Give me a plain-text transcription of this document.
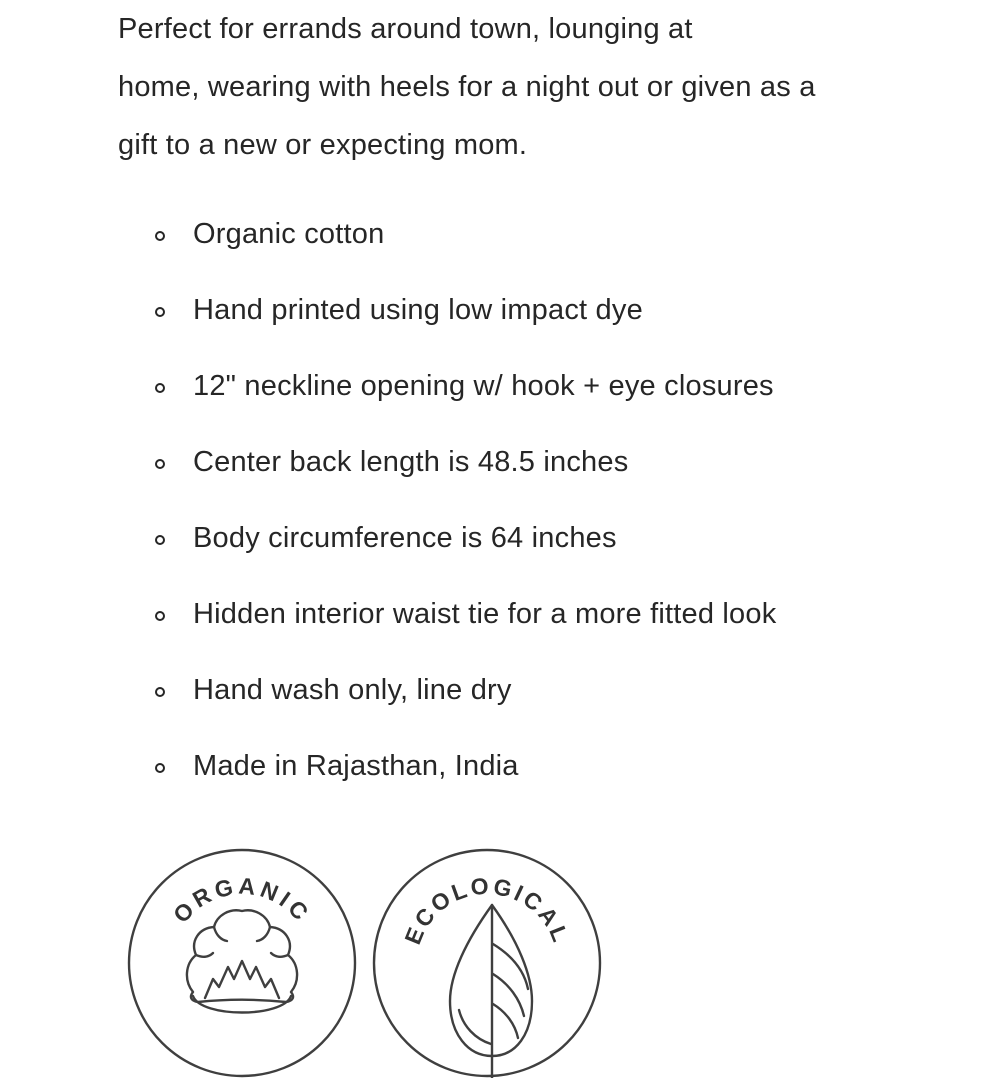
Perfect for errands around town, lounging at
home, wearing with heels for a night out or given as a
gift to a new or expecting mom.

Organic cotton
Hand printed using low impact dye
12" neckline opening w/ hook + eye closures
Center back length is 48.5 inches
Body circumference is 64 inches
Hidden interior waist tie for a more fitted look
Hand wash only, line dry
Made in Rajasthan, India
ORGANIC
ECOLOGICAL
